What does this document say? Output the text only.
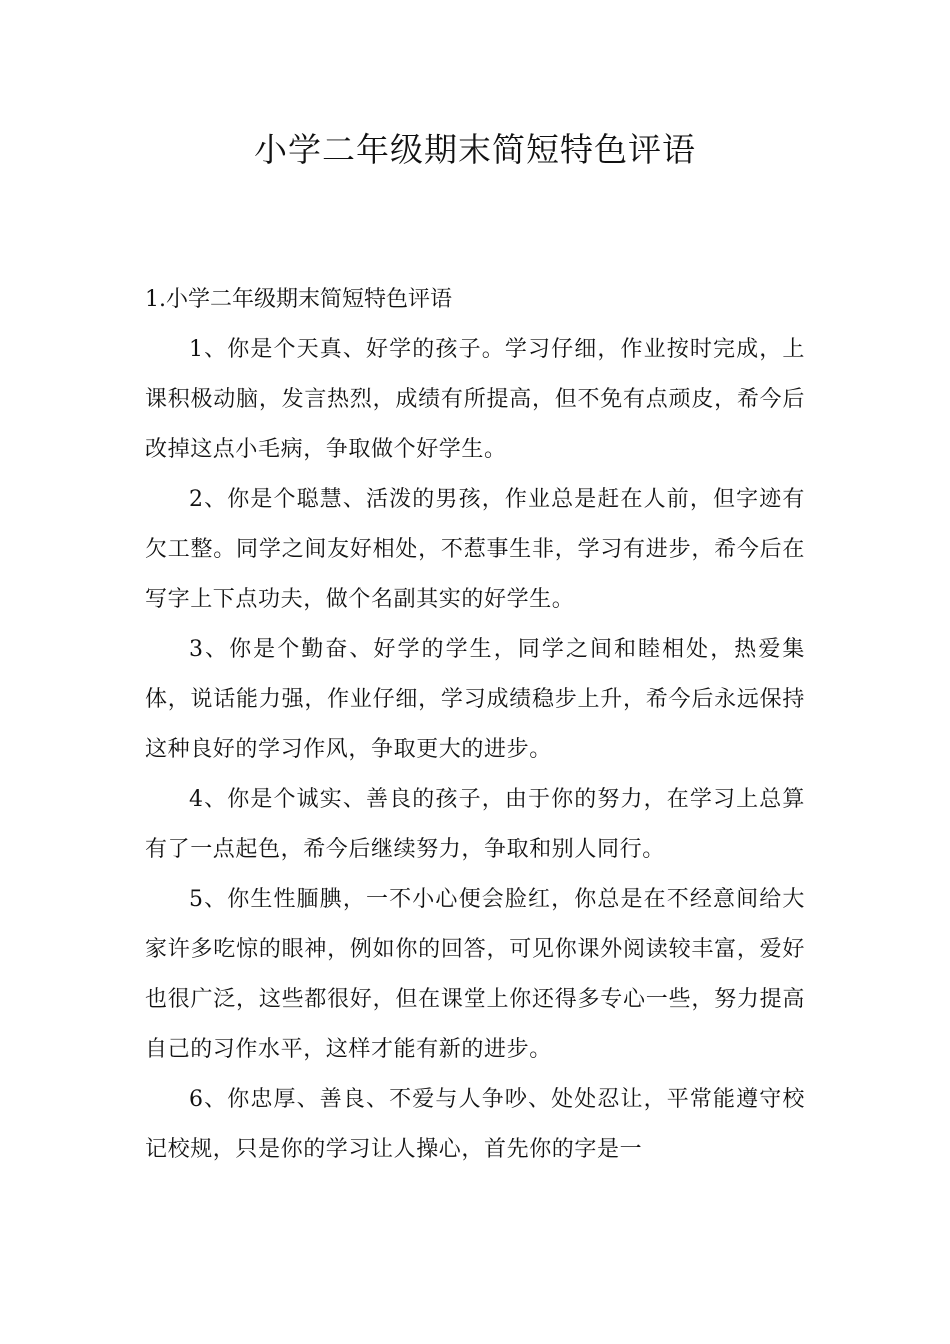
小学二年级期末简短特色评语

1.小学二年级期末简短特色评语

1、你是个天真、好学的孩子。学习仔细，作业按时完成，上课积极动脑，发言热烈，成绩有所提高，但不免有点顽皮，希今后改掉这点小毛病，争取做个好学生。

2、你是个聪慧、活泼的男孩，作业总是赶在人前，但字迹有欠工整。同学之间友好相处，不惹事生非，学习有进步，希今后在写字上下点功夫，做个名副其实的好学生。

3、你是个勤奋、好学的学生，同学之间和睦相处，热爱集体，说话能力强，作业仔细，学习成绩稳步上升，希今后永远保持这种良好的学习作风，争取更大的进步。

4、你是个诚实、善良的孩子，由于你的努力，在学习上总算有了一点起色，希今后继续努力，争取和别人同行。

5、你生性腼腆，一不小心便会脸红，你总是在不经意间给大家许多吃惊的眼神，例如你的回答，可见你课外阅读较丰富，爱好也很广泛，这些都很好，但在课堂上你还得多专心一些，努力提高自己的习作水平，这样才能有新的进步。

6、你忠厚、善良、不爱与人争吵、处处忍让，平常能遵守校记校规，只是你的学习让人操心，首先你的字是一
